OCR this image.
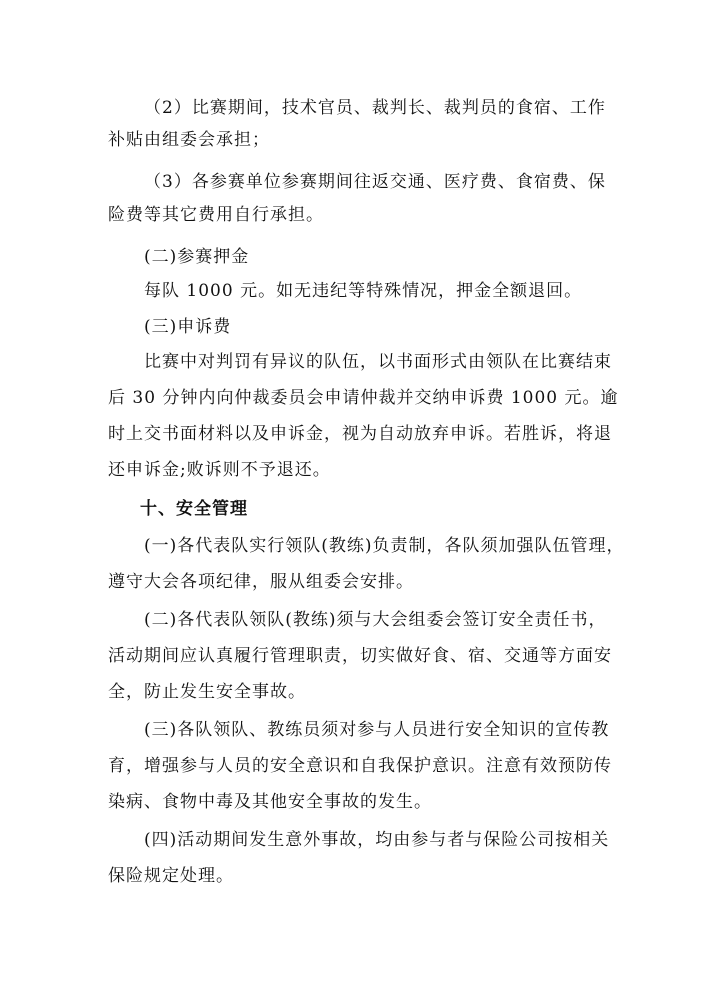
（2）比赛期间，技术官员、裁判长、裁判员的食宿、工作
补贴由组委会承担；
（3）各参赛单位参赛期间往返交通、医疗费、食宿费、保
险费等其它费用自行承担。
(二)参赛押金
每队 1000 元。如无违纪等特殊情况，押金全额退回。
(三)申诉费
比赛中对判罚有异议的队伍，以书面形式由领队在比赛结束
后 30 分钟内向仲裁委员会申请仲裁并交纳申诉费 1000 元。逾
时上交书面材料以及申诉金，视为自动放弃申诉。若胜诉，将退
还申诉金;败诉则不予退还。
十、安全管理
(一)各代表队实行领队(教练)负责制，各队须加强队伍管理，
遵守大会各项纪律，服从组委会安排。
(二)各代表队领队(教练)须与大会组委会签订安全责任书，
活动期间应认真履行管理职责，切实做好食、宿、交通等方面安
全，防止发生安全事故。
(三)各队领队、教练员须对参与人员进行安全知识的宣传教
育，增强参与人员的安全意识和自我保护意识。注意有效预防传
染病、食物中毒及其他安全事故的发生。
(四)活动期间发生意外事故，均由参与者与保险公司按相关
保险规定处理。
